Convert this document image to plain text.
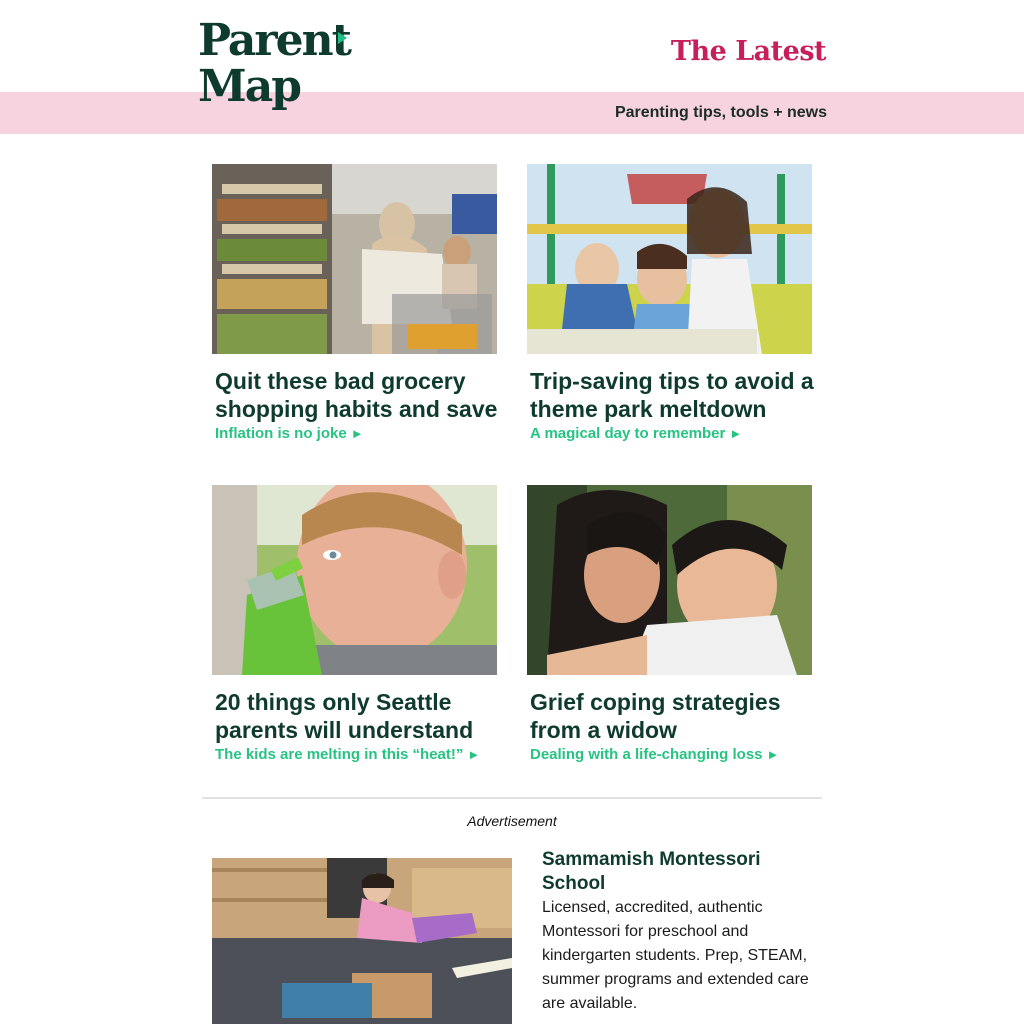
Parent
Map
The Latest
Parenting tips, tools + news
Quit these bad grocery shopping habits and save
Inflation is no joke ►
Trip-saving tips to avoid a theme park meltdown
A magical day to remember ►
20 things only Seattle parents will understand
The kids are melting in this “heat!” ►
Grief coping strategies from a widow
Dealing with a life-changing loss ►
Advertisement
Sammamish Montessori School
Licensed, accredited, authentic Montessori for preschool and kindergarten students. Prep, STEAM, summer programs and extended care are available.
